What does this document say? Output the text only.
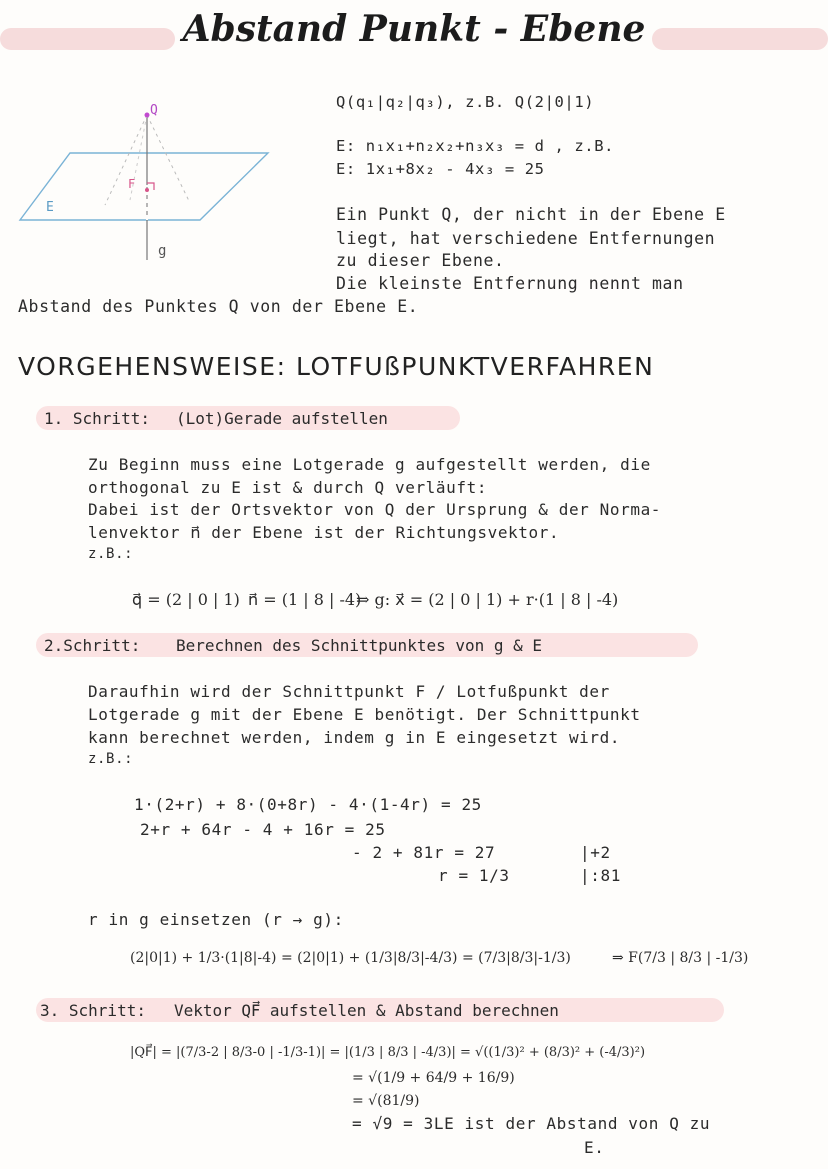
Abstand Punkt - Ebene
Q
F
E
g
Q(q₁|q₂|q₃), z.B. Q(2|0|1)
E: n₁x₁+n₂x₂+n₃x₃ = d , z.B.
E: 1x₁+8x₂ - 4x₃ = 25
Ein Punkt Q, der nicht in der Ebene E
liegt, hat verschiedene Entfernungen
zu dieser Ebene.
Die kleinste Entfernung nennt man
Abstand des Punktes Q von der Ebene E.
VORGEHENSWEISE: LOTFUßPUNKTVERFAHREN
1. Schritt: (Lot)Gerade aufstellen
Zu Beginn muss eine Lotgerade g aufgestellt werden, die
orthogonal zu E ist & durch Q verläuft:
Dabei ist der Ortsvektor von Q der Ursprung & der Norma-
lenvektor n⃗ der Ebene ist der Richtungsvektor.
z.B.:
q⃗ = (2 | 0 | 1) n⃗ = (1 | 8 | -4)
⇒ g: x⃗ = (2 | 0 | 1) + r·(1 | 8 | -4)
2.Schritt: Berechnen des Schnittpunktes von g & E
Daraufhin wird der Schnittpunkt F / Lotfußpunkt der
Lotgerade g mit der Ebene E benötigt. Der Schnittpunkt
kann berechnet werden, indem g in E eingesetzt wird.
z.B.:
1·(2+r) + 8·(0+8r) - 4·(1-4r) = 25
2+r + 64r - 4 + 16r = 25
- 2 + 81r = 27
r = 1/3
|+2
|:81
r in g einsetzen (r → g):
(2|0|1) + 1/3·(1|8|-4) = (2|0|1) + (1/3|8/3|-4/3) = (7/3|8/3|-1/3)	⇒ F(7/3 | 8/3 | -1/3)
3. Schritt: Vektor QF⃗ aufstellen & Abstand berechnen
|QF⃗| = |(7/3-2 | 8/3-0 | -1/3-1)| = |(1/3 | 8/3 | -4/3)| = √((1/3)² + (8/3)² + (-4/3)²)
= √(1/9 + 64/9 + 16/9)
= √(81/9)
= √9 = 3LE ist der Abstand von Q zu
E.
